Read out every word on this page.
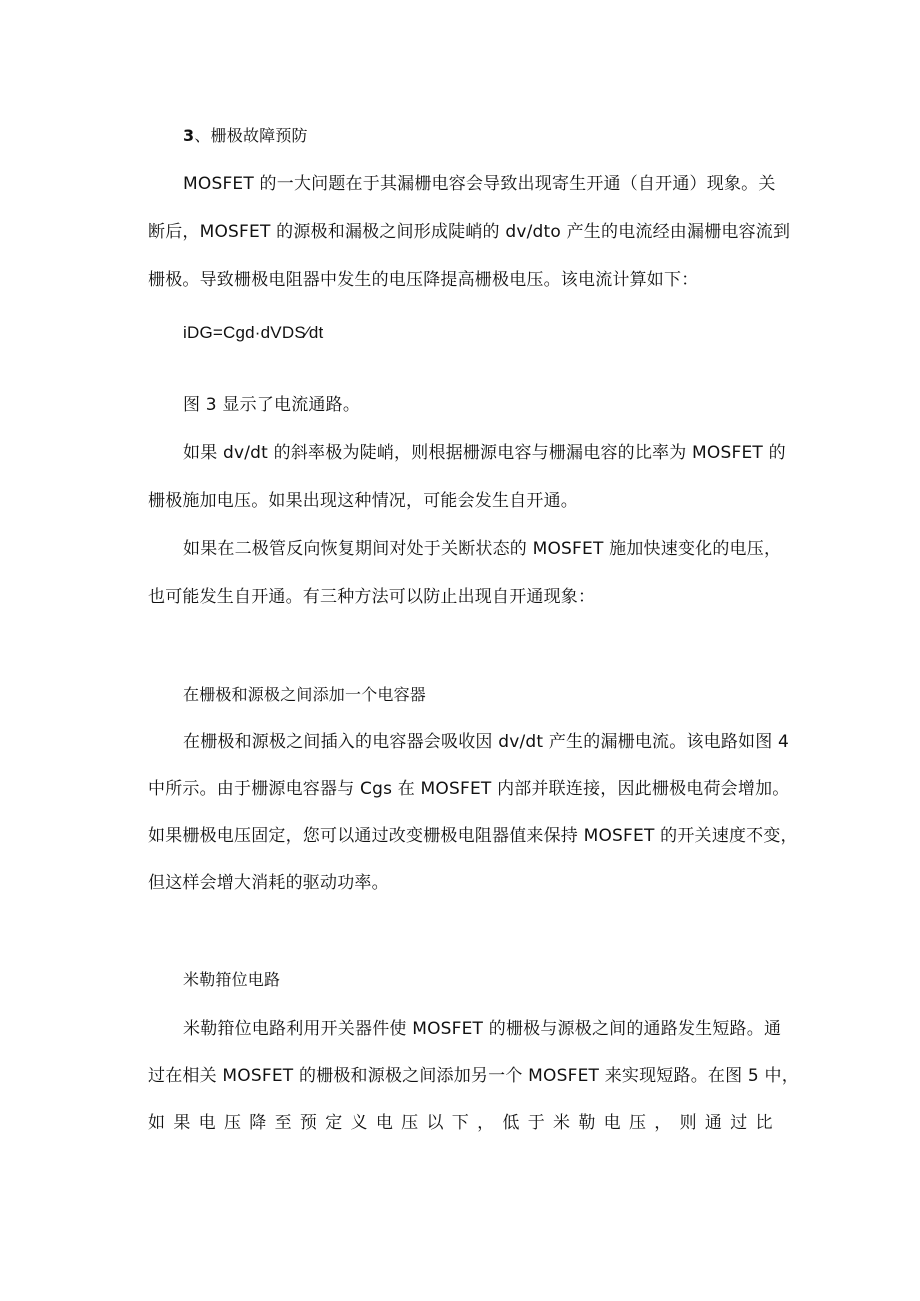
3、栅极故障预防
MOSFET 的一大问题在于其漏栅电容会导致出现寄生开通（自开通）现象。关
断后，MOSFET 的源极和漏极之间形成陡峭的 dv/dto 产生的电流经由漏栅电容流到
栅极。导致栅极电阻器中发生的电压降提高栅极电压。该电流计算如下：
iDG=Cgd·dVDS⁄dt
图 3 显示了电流通路。
如果 dv/dt 的斜率极为陡峭，则根据栅源电容与栅漏电容的比率为 MOSFET 的
栅极施加电压。如果出现这种情况，可能会发生自开通。
如果在二极管反向恢复期间对处于关断状态的 MOSFET 施加快速变化的电压，
也可能发生自开通。有三种方法可以防止出现自开通现象：
在栅极和源极之间添加一个电容器
在栅极和源极之间插入的电容器会吸收因 dv/dt 产生的漏栅电流。该电路如图 4
中所示。由于栅源电容器与 Cgs 在 MOSFET 内部并联连接，因此栅极电荷会增加。
如果栅极电压固定，您可以通过改变栅极电阻器值来保持 MOSFET 的开关速度不变，
但这样会增大消耗的驱动功率。
米勒箝位电路
米勒箝位电路利用开关器件使 MOSFET 的栅极与源极之间的通路发生短路。通
过在相关 MOSFET 的栅极和源极之间添加另一个 MOSFET 来实现短路。在图 5 中，
如 果 电 压 降 至 预 定 义 电 压 以 下 ， 低 于 米 勒 电 压 ， 则 通 过 比
